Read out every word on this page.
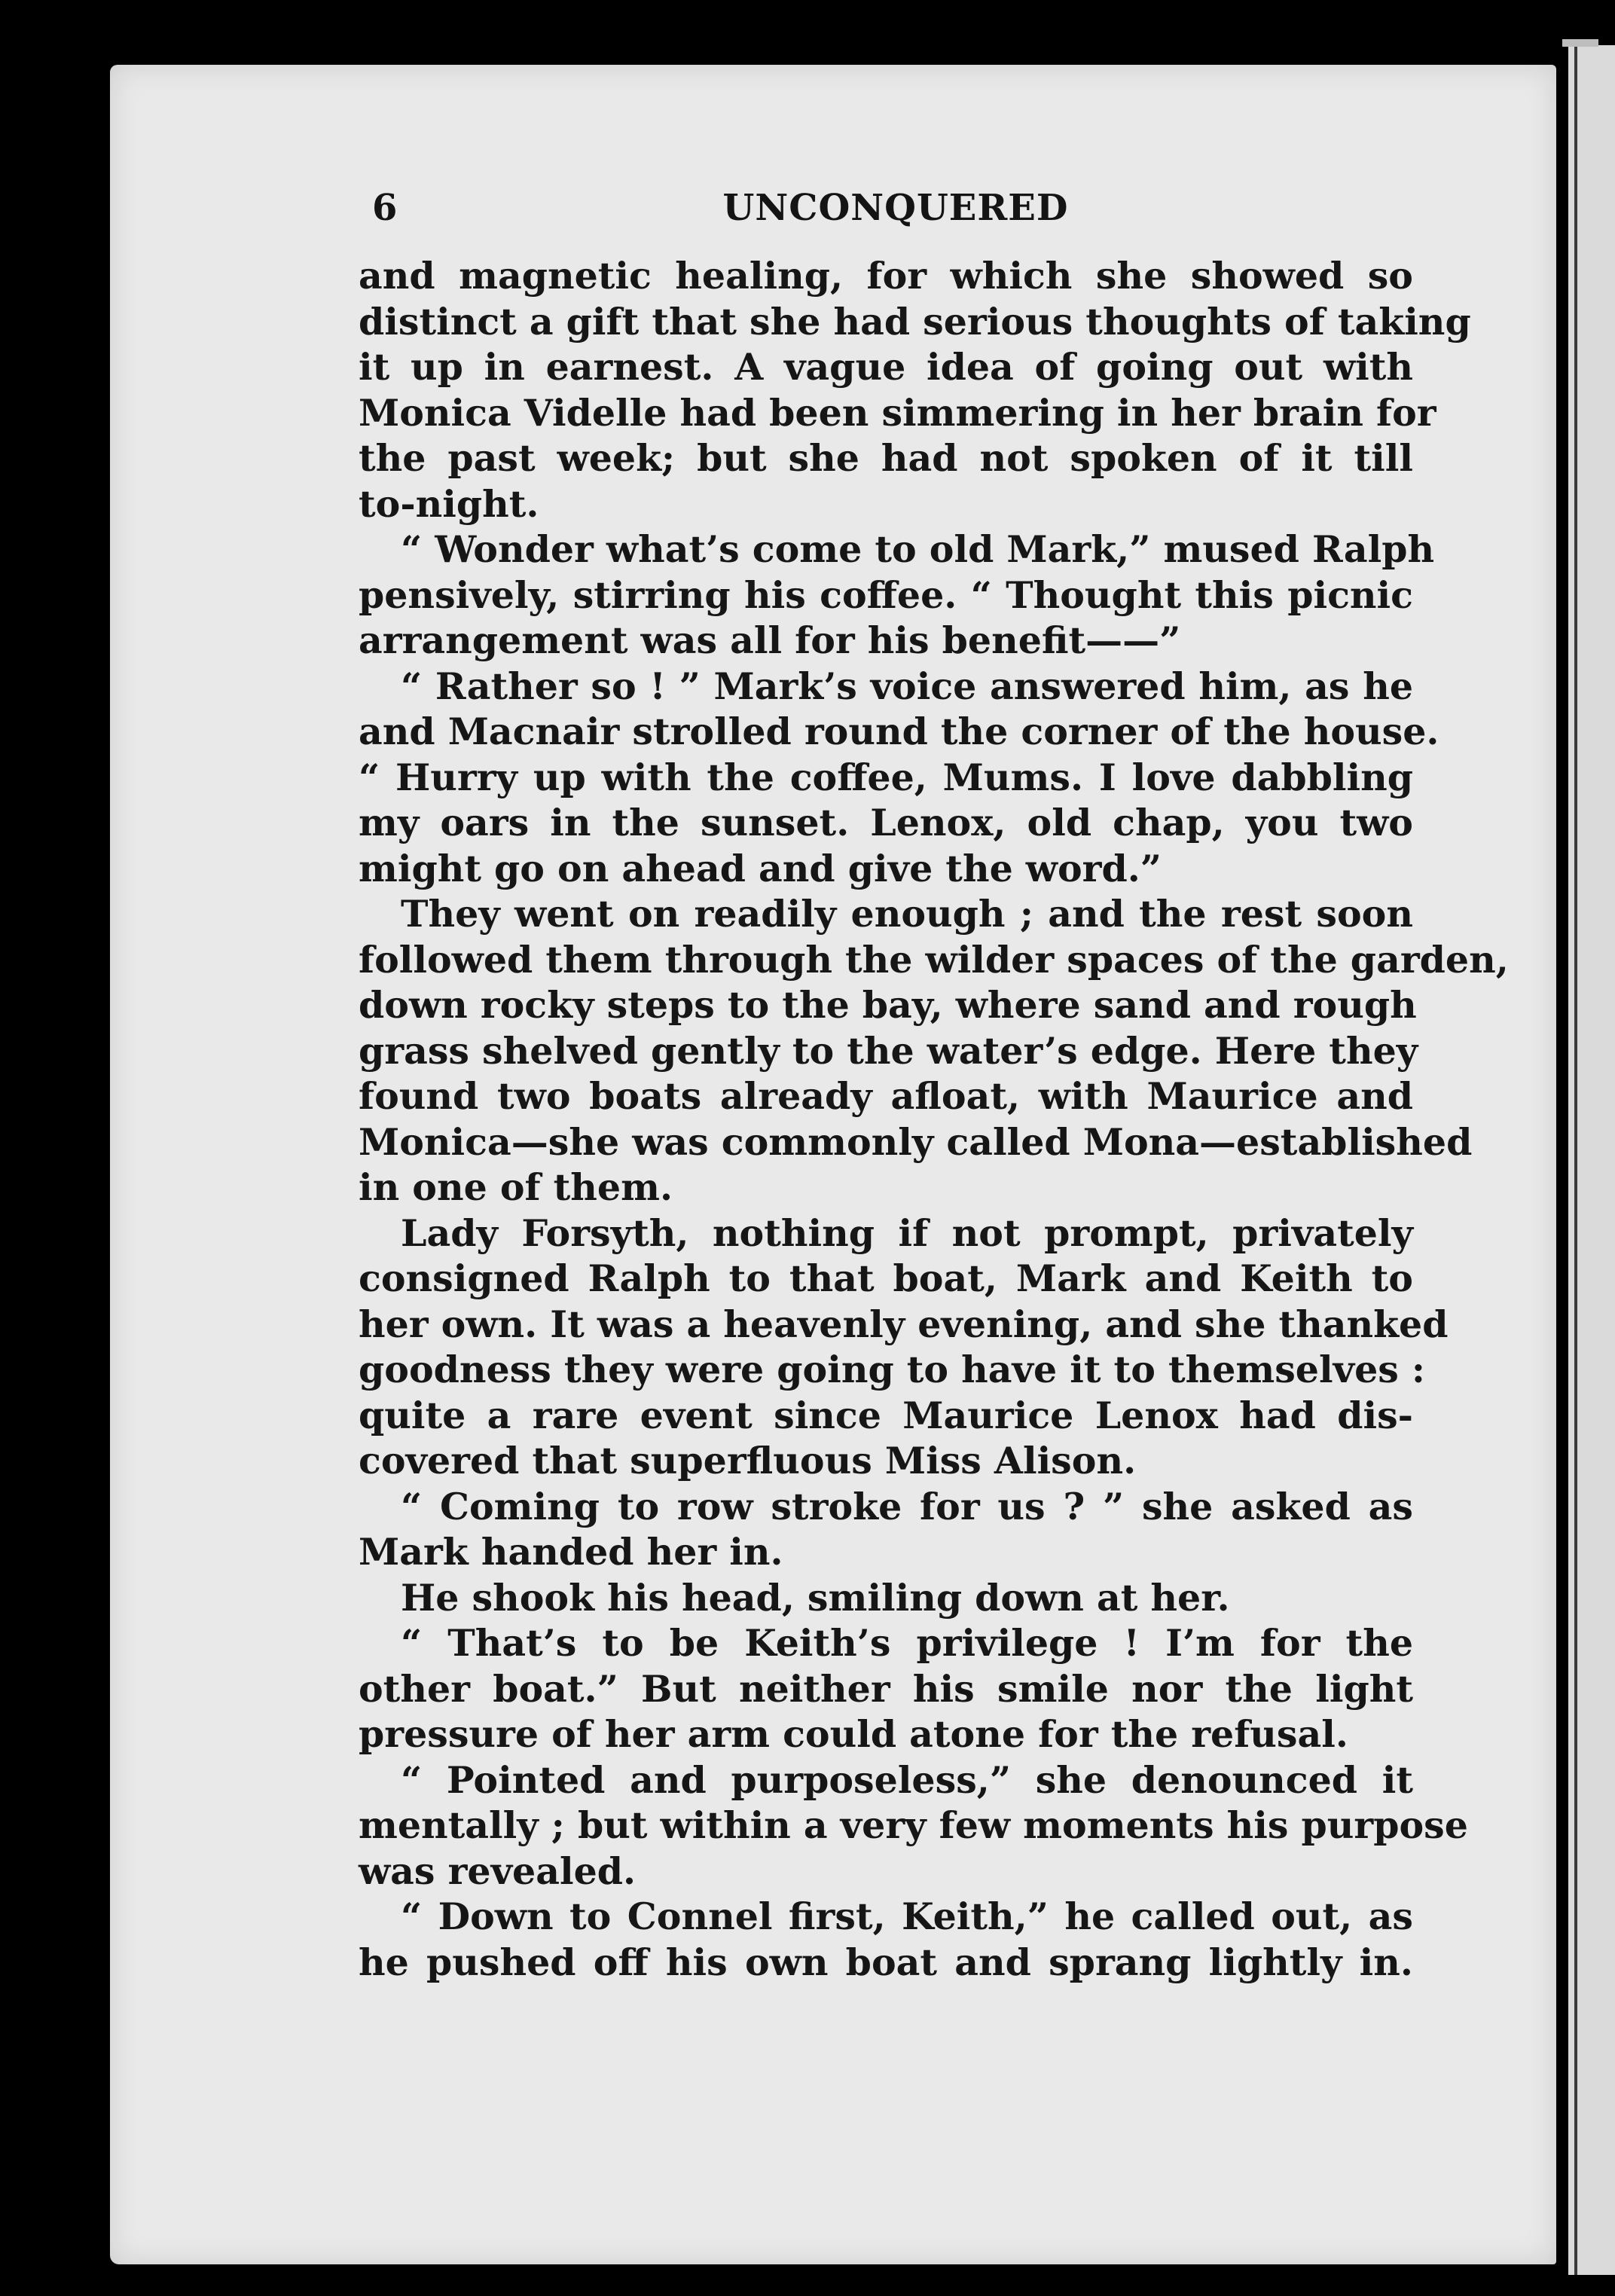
6	UNCONQUERED
and magnetic healing, for which she showed so
distinct a gift that she had serious thoughts of taking
it up in earnest. A vague idea of going out with
Monica Videlle had been simmering in her brain for
the past week; but she had not spoken of it till
to-night.
“ Wonder what’s come to old Mark,” mused Ralph
pensively, stirring his coffee. “ Thought this picnic
arrangement was all for his benefit——”
“ Rather so ! ” Mark’s voice answered him, as he
and Macnair strolled round the corner of the house.
“ Hurry up with the coffee, Mums. I love dabbling
my oars in the sunset. Lenox, old chap, you two
might go on ahead and give the word.”
They went on readily enough ; and the rest soon
followed them through the wilder spaces of the garden,
down rocky steps to the bay, where sand and rough
grass shelved gently to the water’s edge. Here they
found two boats already afloat, with Maurice and
Monica—she was commonly called Mona—established
in one of them.
Lady Forsyth, nothing if not prompt, privately
consigned Ralph to that boat, Mark and Keith to
her own. It was a heavenly evening, and she thanked
goodness they were going to have it to themselves :
quite a rare event since Maurice Lenox had dis-
covered that superfluous Miss Alison.
“ Coming to row stroke for us ? ” she asked as
Mark handed her in.
He shook his head, smiling down at her.
“ That’s to be Keith’s privilege ! I’m for the
other boat.” But neither his smile nor the light
pressure of her arm could atone for the refusal.
“ Pointed and purposeless,” she denounced it
mentally ; but within a very few moments his purpose
was revealed.
“ Down to Connel first, Keith,” he called out, as
he pushed off his own boat and sprang lightly in.
